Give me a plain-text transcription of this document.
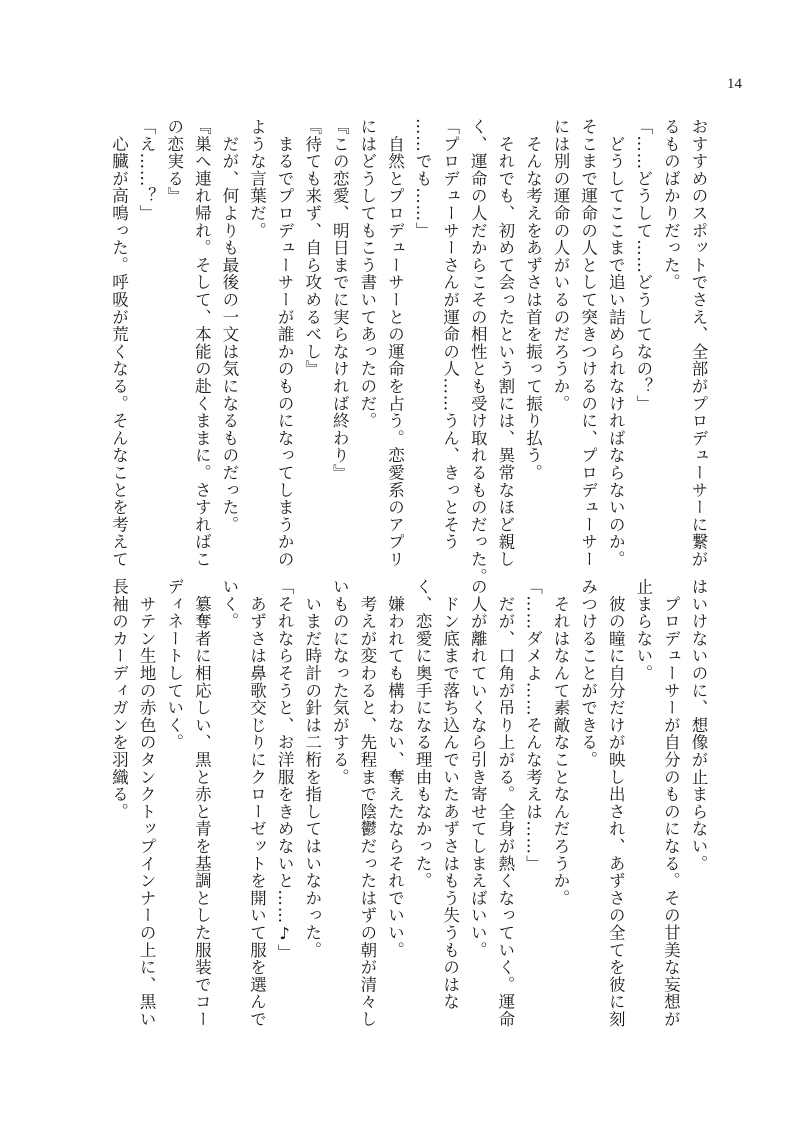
14

おすすめのスポットでさえ、全部がプロデューサーに繋が

るものばかりだった。

「……どうして……どうしてなの？」

　どうしてここまで追い詰められなければならないのか。

そこまで運命の人として突きつけるのに、プロデューサー

には別の運命の人がいるのだろうか。

　そんな考えをあずさは首を振って振り払う。

　それでも、初めて会ったという割には、異常なほど親し

く、運命の人だからこその相性とも受け取れるものだった。

「プロデューサーさんが運命の人……うん、きっとそう

……でも……」

　自然とプロデューサーとの運命を占う。恋愛系のアプリ

にはどうしてもこう書いてあったのだ。

『この恋愛、明日までに実らなければ終わり』

『待ても来ず、自ら攻めるべし』

　まるでプロデューサーが誰かのものになってしまうかの

ような言葉だ。

　だが、何よりも最後の一文は気になるものだった。

『巣へ連れ帰れ。そして、本能の赴くままに。さすればこ

の恋実る』

「え……？」

　心臓が高鳴った。呼吸が荒くなる。そんなことを考えて

はいけないのに、想像が止まらない。

　プロデューサーが自分のものになる。その甘美な妄想が

止まらない。

　彼の瞳に自分だけが映し出され、あずさの全てを彼に刻

みつけることができる。

　それはなんて素敵なことなんだろうか。

「……ダメよ……そんな考えは……」

　だが、口角が吊り上がる。全身が熱くなっていく。運命

の人が離れていくなら引き寄せてしまえばいい。

　ドン底まで落ち込んでいたあずさはもう失うものはな

く、恋愛に奥手になる理由もなかった。

　嫌われても構わない、奪えたならそれでいい。

　考えが変わると、先程まで陰鬱だったはずの朝が清々し

いものになった気がする。

　いまだ時計の針は二桁を指してはいなかった。

「それならそうと、お洋服をきめないと……♪」

　あずさは鼻歌交じりにクローゼットを開いて服を選んで

いく。

　簒奪者に相応しい、黒と赤と青を基調とした服装でコー

ディネートしていく。

　サテン生地の赤色のタンクトップインナーの上に、黒い

長袖のカーディガンを羽織る。
